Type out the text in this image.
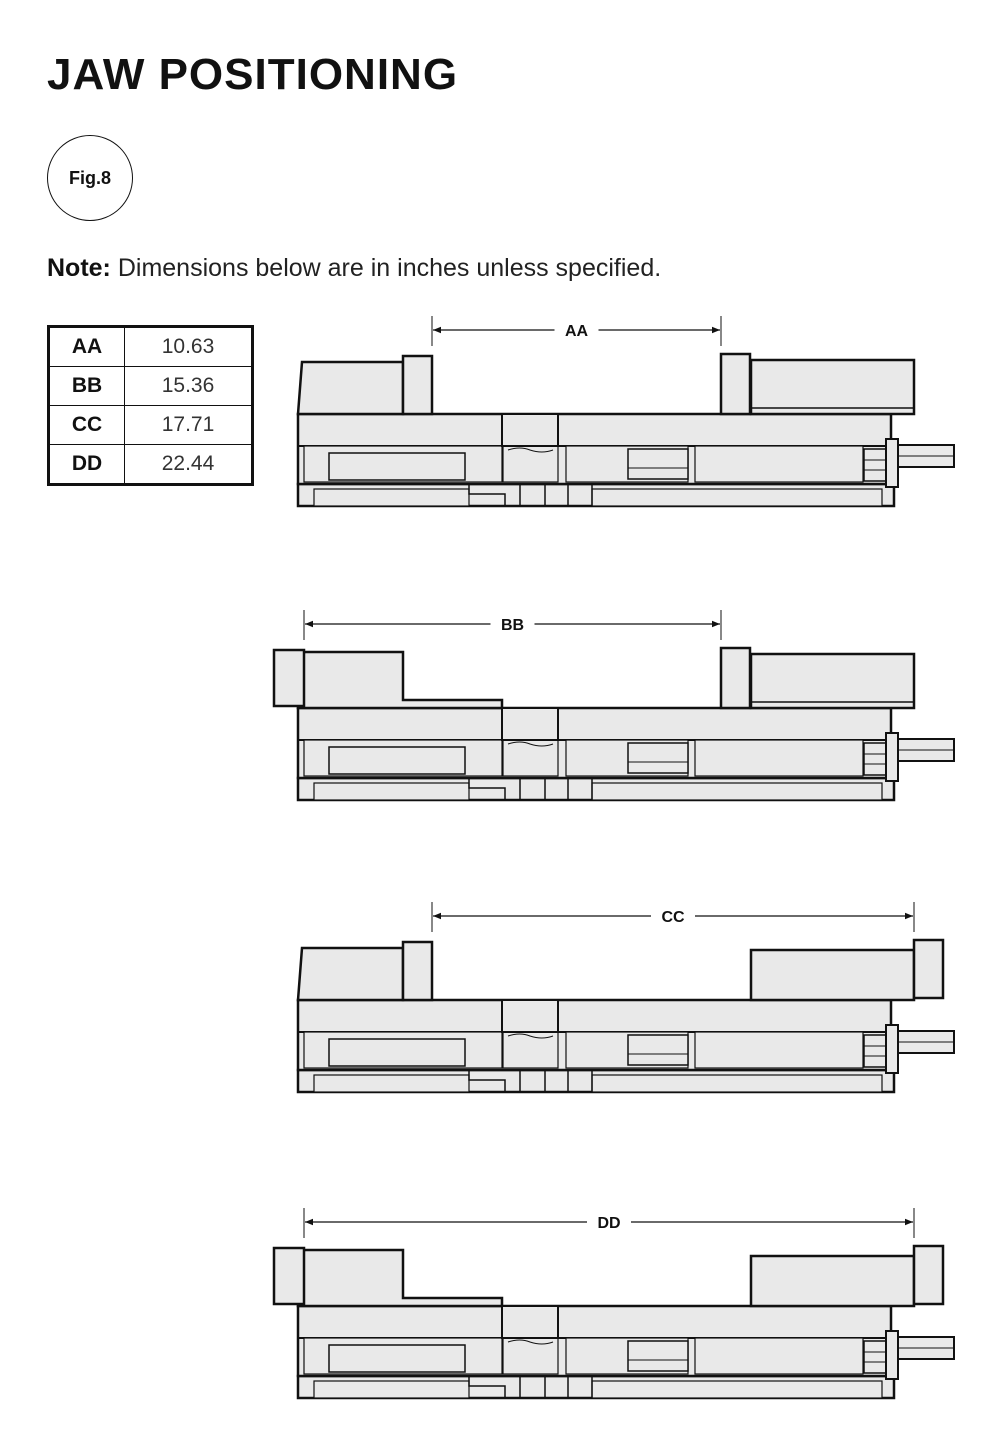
JAW POSITIONING
Fig.8
Note: Dimensions below are in inches unless specified.
AA	10.63
BB	15.36
CC	17.71
DD	22.44
AA
BB
CC
DD
